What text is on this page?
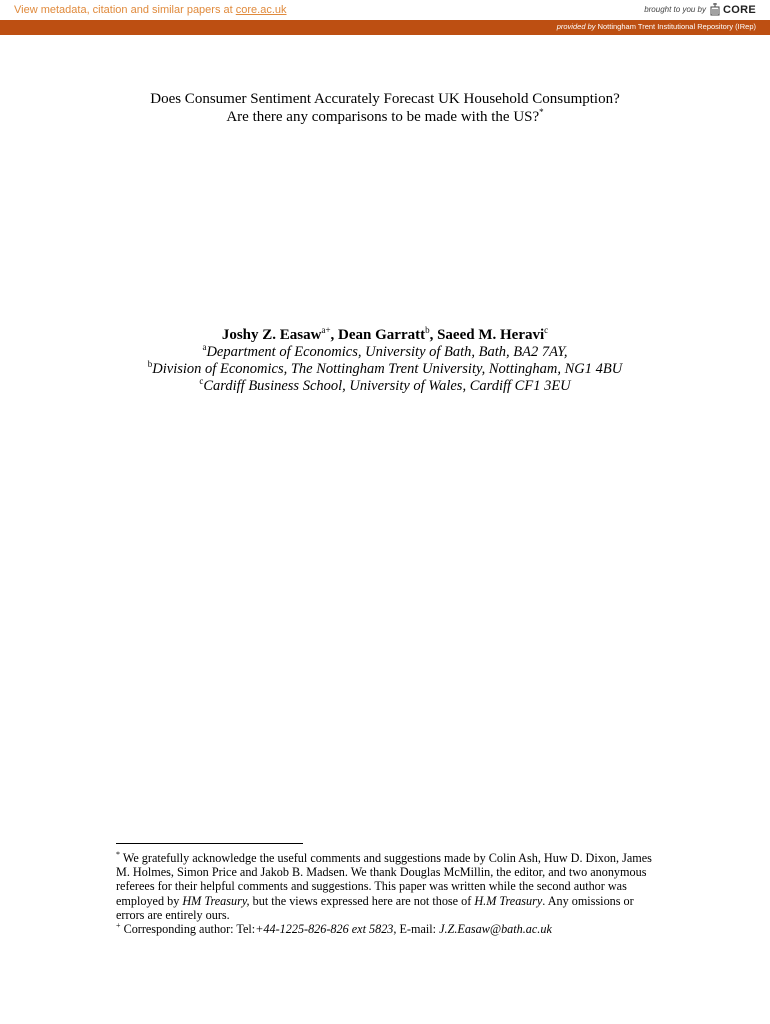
View metadata, citation and similar papers at core.ac.uk	brought to you by CORE
provided by Nottingham Trent Institutional Repository (IRep)
Does Consumer Sentiment Accurately Forecast UK Household Consumption?
Are there any comparisons to be made with the US?*
Joshy Z. Easaw$^{a+}$, Dean Garratt$^b$, Saeed M. Heravi$^c$
$^a$Department of Economics, University of Bath, Bath, BA2 7AY,
$^b$Division of Economics, The Nottingham Trent University, Nottingham, NG1 4BU
$^c$Cardiff Business School, University of Wales, Cardiff CF1 3EU

* We gratefully acknowledge the useful comments and suggestions made by Colin Ash, Huw D. Dixon, James M. Holmes, Simon Price and Jakob B. Madsen. We thank Douglas McMillin, the editor, and two anonymous referees for their helpful comments and suggestions. This paper was written while the second author was employed by HM Treasury, but the views expressed here are not those of H.M Treasury. Any omissions or errors are entirely ours.

+ Corresponding author: Tel:+44-1225-826-826 ext 5823, E-mail: J.Z.Easaw@bath.ac.uk
